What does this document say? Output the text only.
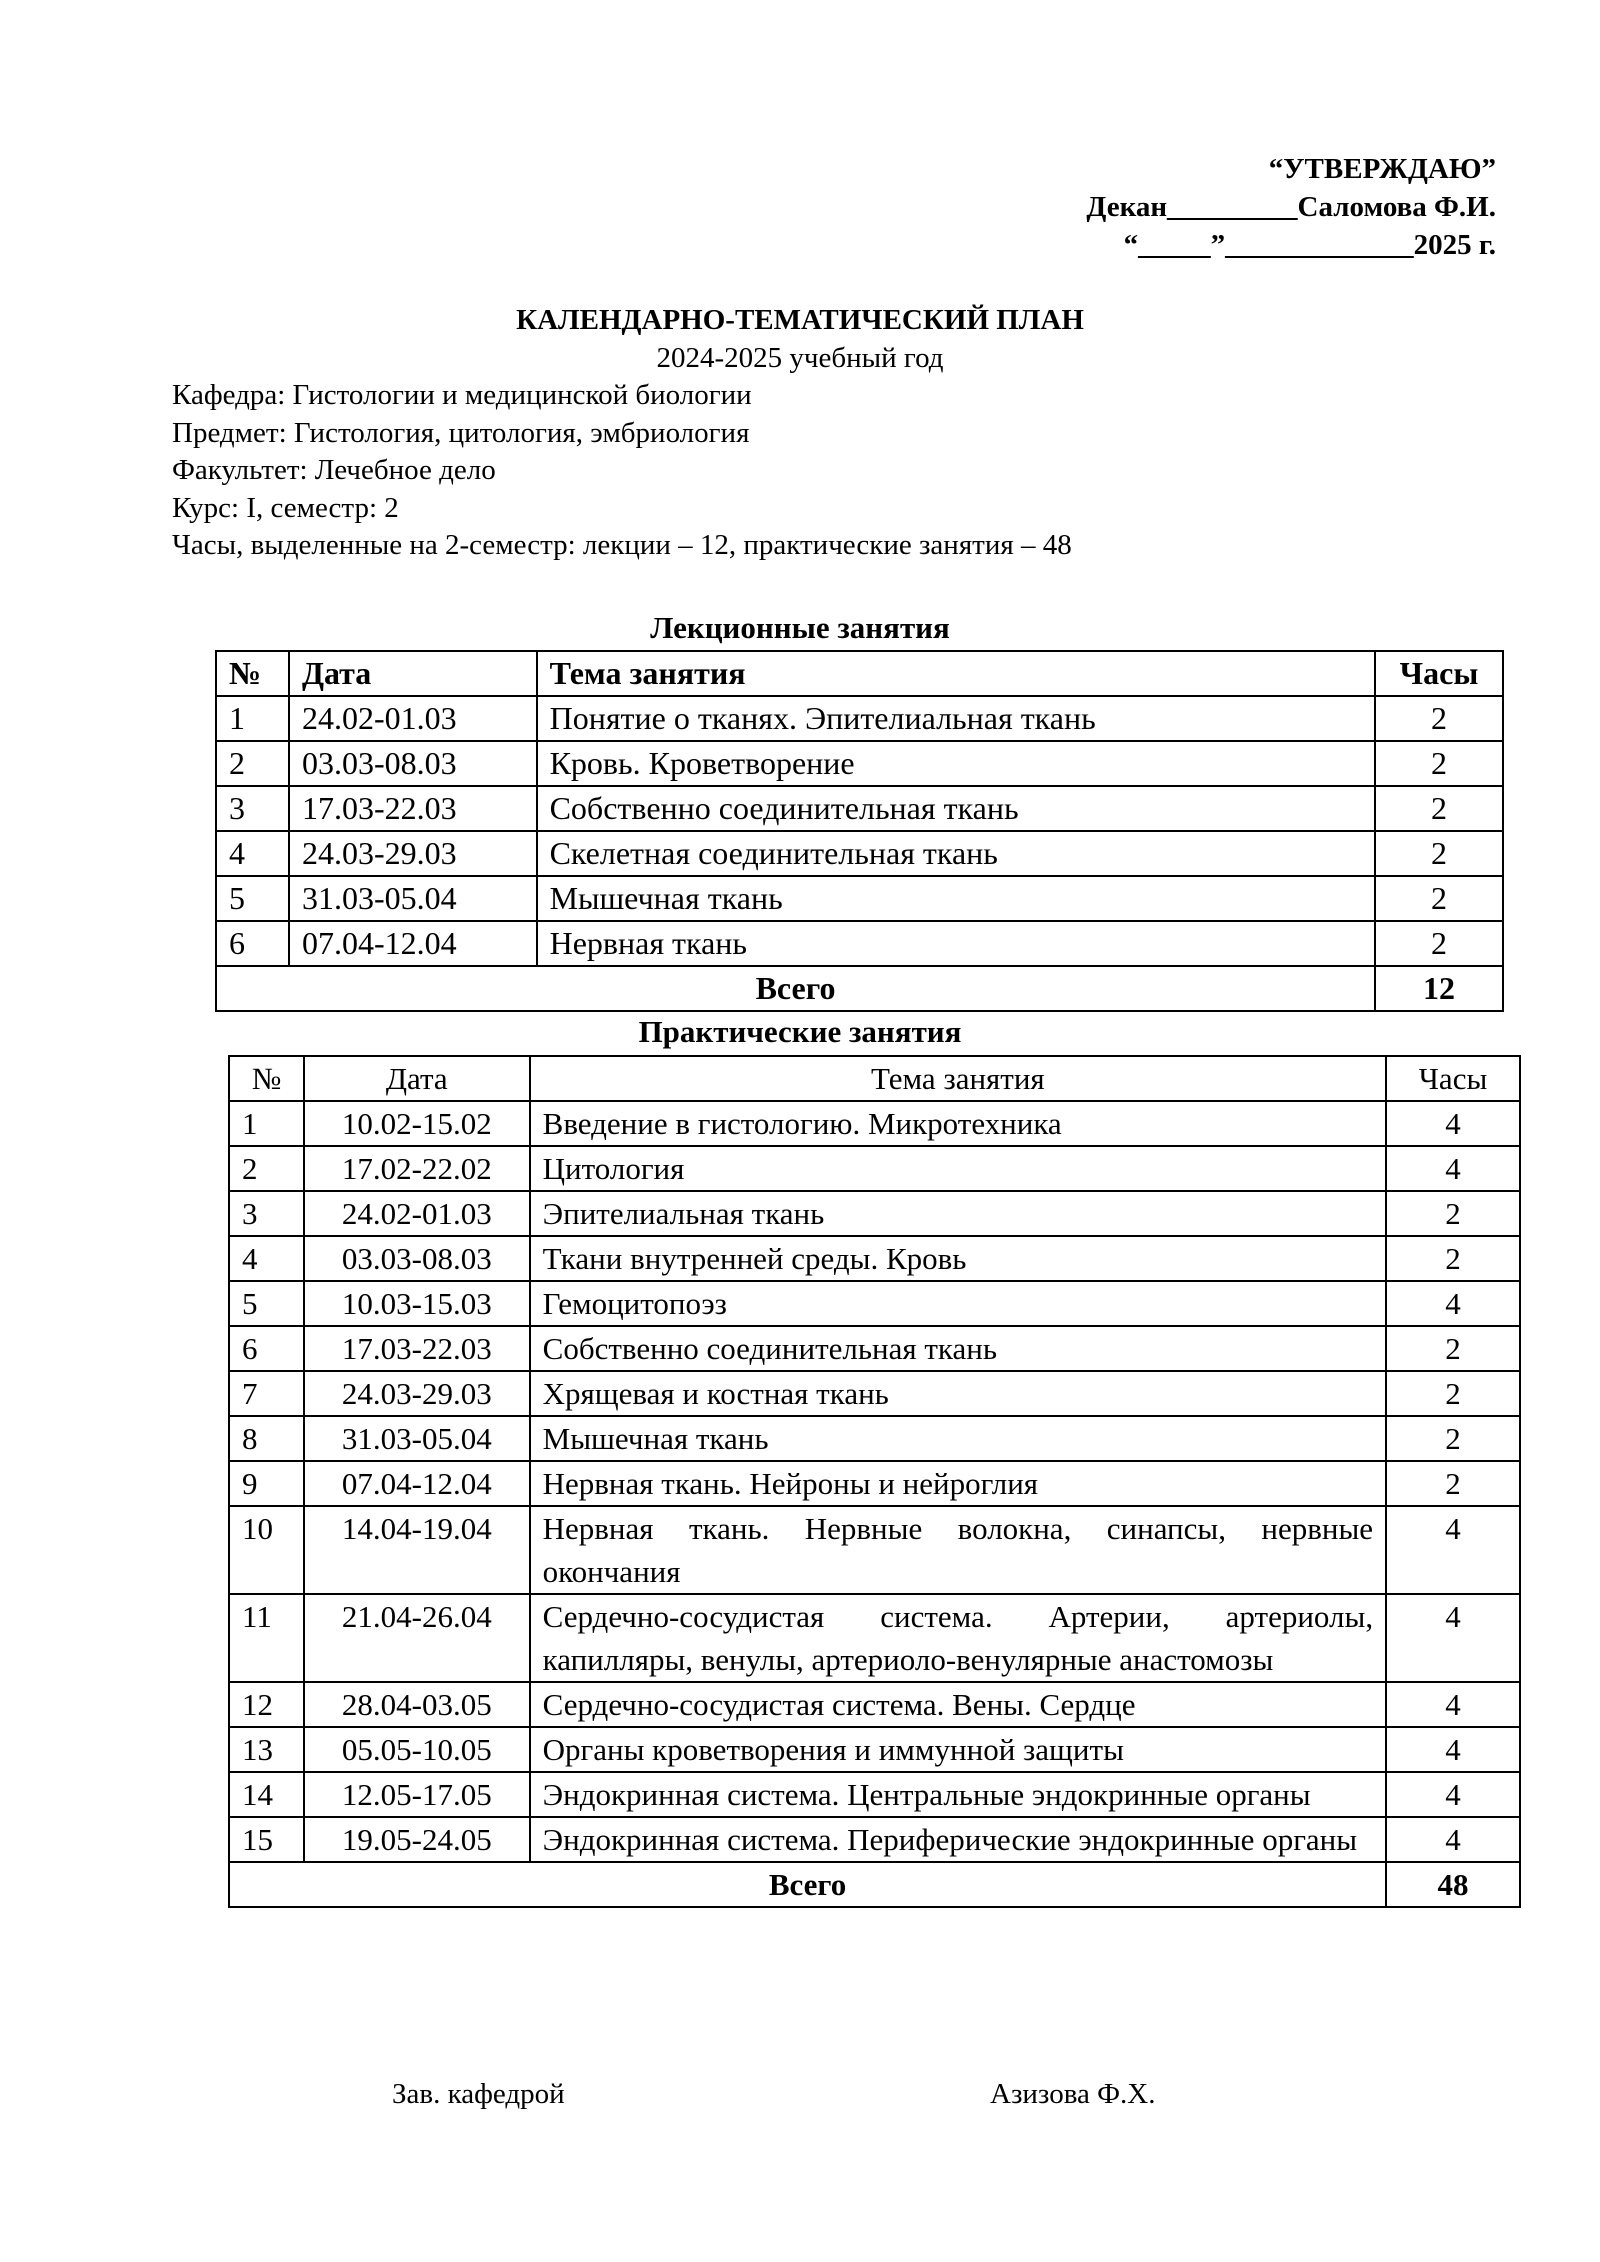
“УТВЕРЖДАЮ”
Декан_________Саломова Ф.И.
“_____”_____________2025 г.
КАЛЕНДАРНО-ТЕМАТИЧЕСКИЙ ПЛАН
2024-2025 учебный год
Кафедра: Гистологии и медицинской биологии
Предмет: Гистология, цитология, эмбриология
Факультет: Лечебное дело
Курс: I, семестр: 2
Часы, выделенные на 2-семестр: лекции – 12, практические занятия – 48
Лекционные занятия
№	Дата	Тема занятия	Часы
1	24.02-01.03	Понятие о тканях. Эпителиальная ткань	2
2	03.03-08.03	Кровь. Кроветворение	2
3	17.03-22.03	Собственно соединительная ткань	2
4	24.03-29.03	Скелетная соединительная ткань	2
5	31.03-05.04	Мышечная ткань	2
6	07.04-12.04	Нервная ткань	2
Всего			12
Практические занятия
№	Дата	Тема занятия	Часы
1	10.02-15.02	Введение в гистологию. Микротехника	4
2	17.02-22.02	Цитология	4
3	24.02-01.03	Эпителиальная ткань	2
4	03.03-08.03	Ткани внутренней среды. Кровь	2
5	10.03-15.03	Гемоцитопоэз	4
6	17.03-22.03	Собственно соединительная ткань	2
7	24.03-29.03	Хрящевая и костная ткань	2
8	31.03-05.04	Мышечная ткань	2
9	07.04-12.04	Нервная ткань. Нейроны и нейроглия	2
10	14.04-19.04	Нервная ткань. Нервные волокна, синапсы, нервные окончания	4
11	21.04-26.04	Сердечно-сосудистая система. Артерии, артериолы, капилляры, венулы, артериоло-венулярные анастомозы	4
12	28.04-03.05	Сердечно-сосудистая система. Вены. Сердце	4
13	05.05-10.05	Органы кроветворения и иммунной защиты	4
14	12.05-17.05	Эндокринная система. Центральные эндокринные органы	4
15	19.05-24.05	Эндокринная система. Периферические эндокринные органы	4
Всего			48
Зав. кафедрой	Азизова Ф.Х.
